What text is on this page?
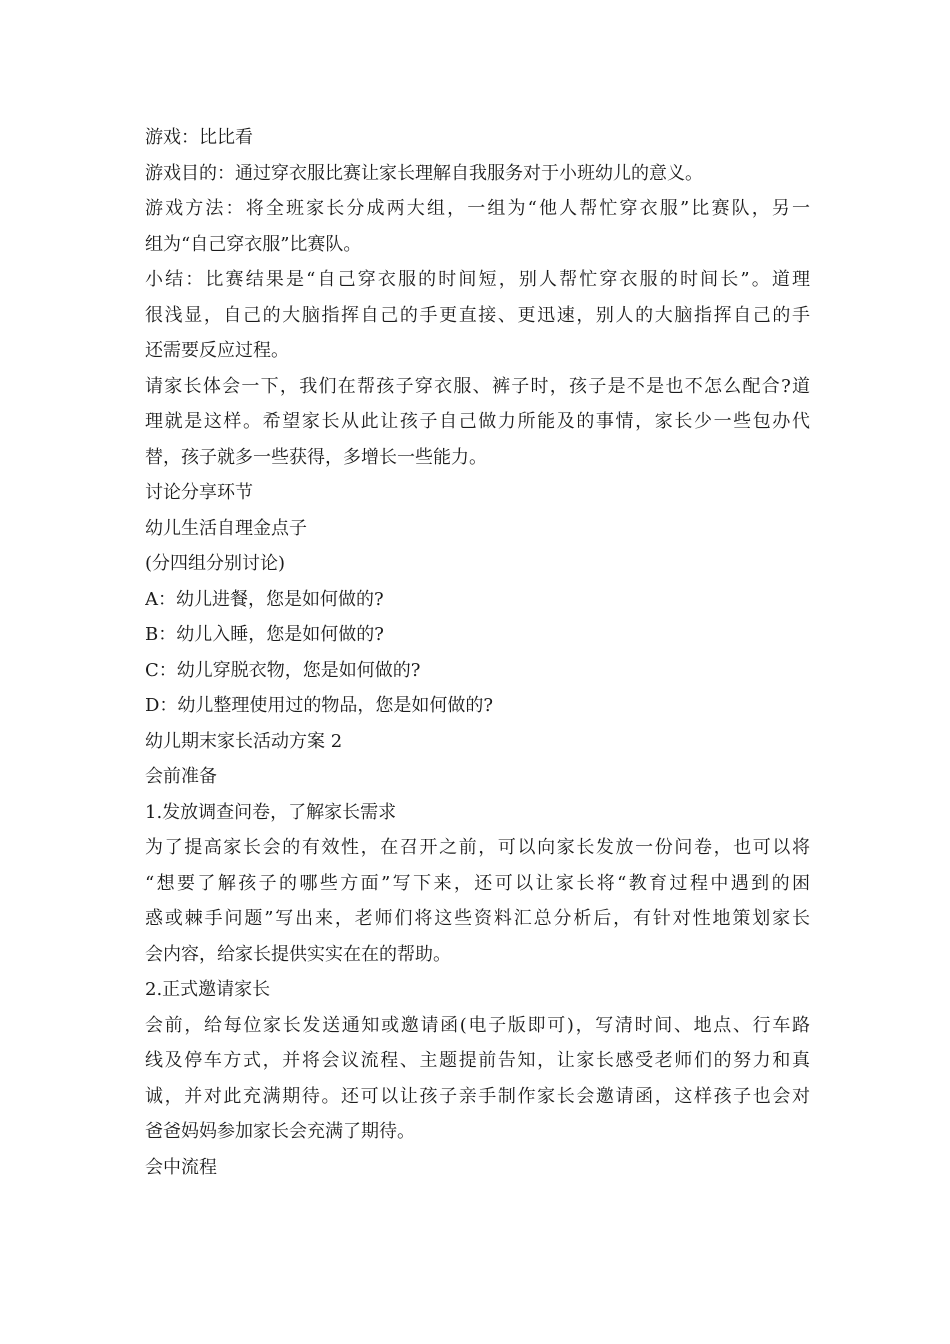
游戏：比比看
游戏目的：通过穿衣服比赛让家长理解自我服务对于小班幼儿的意义。
游戏方法：将全班家长分成两大组，一组为“他人帮忙穿衣服”比赛队，另一
组为“自己穿衣服”比赛队。
小结：比赛结果是“自己穿衣服的时间短，别人帮忙穿衣服的时间长”。道理
很浅显，自己的大脑指挥自己的手更直接、更迅速，别人的大脑指挥自己的手
还需要反应过程。
请家长体会一下，我们在帮孩子穿衣服、裤子时，孩子是不是也不怎么配合?道
理就是这样。希望家长从此让孩子自己做力所能及的事情，家长少一些包办代
替，孩子就多一些获得，多增长一些能力。
讨论分享环节
幼儿生活自理金点子
(分四组分别讨论)
A：幼儿进餐，您是如何做的?
B：幼儿入睡，您是如何做的?
C：幼儿穿脱衣物，您是如何做的?
D：幼儿整理使用过的物品，您是如何做的?
幼儿期末家长活动方案 2
会前准备
1.发放调查问卷，了解家长需求
为了提高家长会的有效性，在召开之前，可以向家长发放一份问卷，也可以将
“想要了解孩子的哪些方面”写下来，还可以让家长将“教育过程中遇到的困
惑或棘手问题”写出来，老师们将这些资料汇总分析后，有针对性地策划家长
会内容，给家长提供实实在在的帮助。
2.正式邀请家长
会前，给每位家长发送通知或邀请函(电子版即可)，写清时间、地点、行车路
线及停车方式，并将会议流程、主题提前告知，让家长感受老师们的努力和真
诚，并对此充满期待。还可以让孩子亲手制作家长会邀请函，这样孩子也会对
爸爸妈妈参加家长会充满了期待。
会中流程
